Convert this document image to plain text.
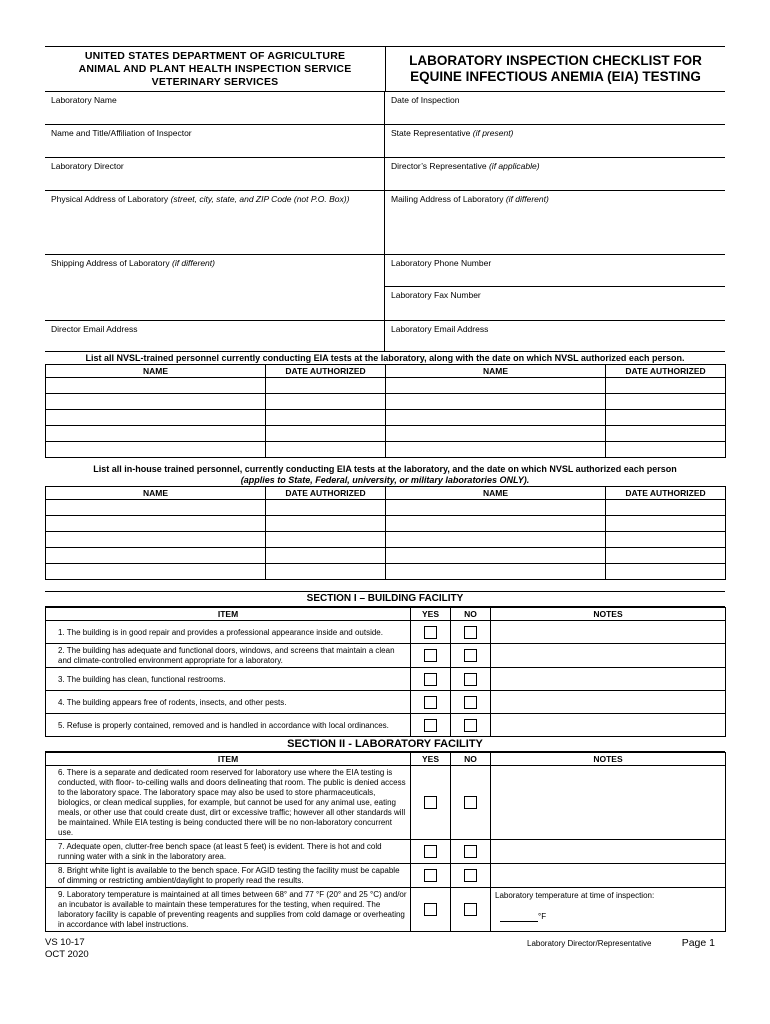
UNITED STATES DEPARTMENT OF AGRICULTURE
ANIMAL AND PLANT HEALTH INSPECTION SERVICE
VETERINARY SERVICES
LABORATORY INSPECTION CHECKLIST FOR
EQUINE INFECTIOUS ANEMIA (EIA) TESTING
Laboratory Name	Date of Inspection
Name and Title/Affiliation of Inspector	State Representative (if present)
Laboratory Director	Director’s Representative (if applicable)
Physical Address of Laboratory (street, city, state, and ZIP Code (not P.O. Box))	Mailing Address of Laboratory (if different)
Shipping Address of Laboratory (if different)	Laboratory Phone Number
Laboratory Fax Number
Director Email Address	Laboratory Email Address
List all NVSL-trained personnel currently conducting EIA tests at the laboratory, along with the date on which NVSL authorized each person.
NAME	DATE AUTHORIZED	NAME	DATE AUTHORIZED

List all in-house trained personnel, currently conducting EIA tests at the laboratory, and the date on which NVSL authorized each person
(applies to State, Federal, university, or military laboratories ONLY).
NAME	DATE AUTHORIZED	NAME	DATE AUTHORIZED

SECTION I – BUILDING FACILITY
ITEM	YES	NO	NOTES
1. The building is in good repair and provides a professional appearance inside and outside.	

2. The building has adequate and functional doors, windows, and screens that maintain a clean and climate-controlled environment appropriate for a laboratory.	

3. The building has clean, functional restrooms.	

4. The building appears free of rodents, insects, and other pests.	

5. Refuse is properly contained, removed and is handled in accordance with local ordinances.	

SECTION II - LABORATORY FACILITY
ITEM	YES	NO	NOTES
6. There is a separate and dedicated room reserved for laboratory use where the EIA testing is conducted, with floor- to-ceiling walls and doors delineating that room. The public is denied access to the laboratory space. The laboratory space may also be used to store pharmaceuticals, biologics, or clean medical supplies, for example, but cannot be used for any animal use, eating meals, or other use that could create dust, dirt or excessive traffic; however all other standards will be maintained. While EIA testing is being conducted there will be no non-laboratory concurrent use.	

7. Adequate open, clutter-free bench space (at least 5 feet) is evident. There is hot and cold running water with a sink in the laboratory area.	

8. Bright white light is available to the bench space. For AGID testing the facility must be capable of dimming or restricting ambient/daylight to properly read the results.	

9. Laboratory temperature is maintained at all times between 68° and 77 °F (20° and 25 °C) and/or an incubator is available to maintain these temperatures for the testing, when required. The laboratory facility is capable of preventing reagents and supplies from cold damage or overheating in accordance with label instructions.			Laboratory temperature at time of inspection:
°F
VS 10-17
OCT 2020
Laboratory Director/Representative	Page 1
